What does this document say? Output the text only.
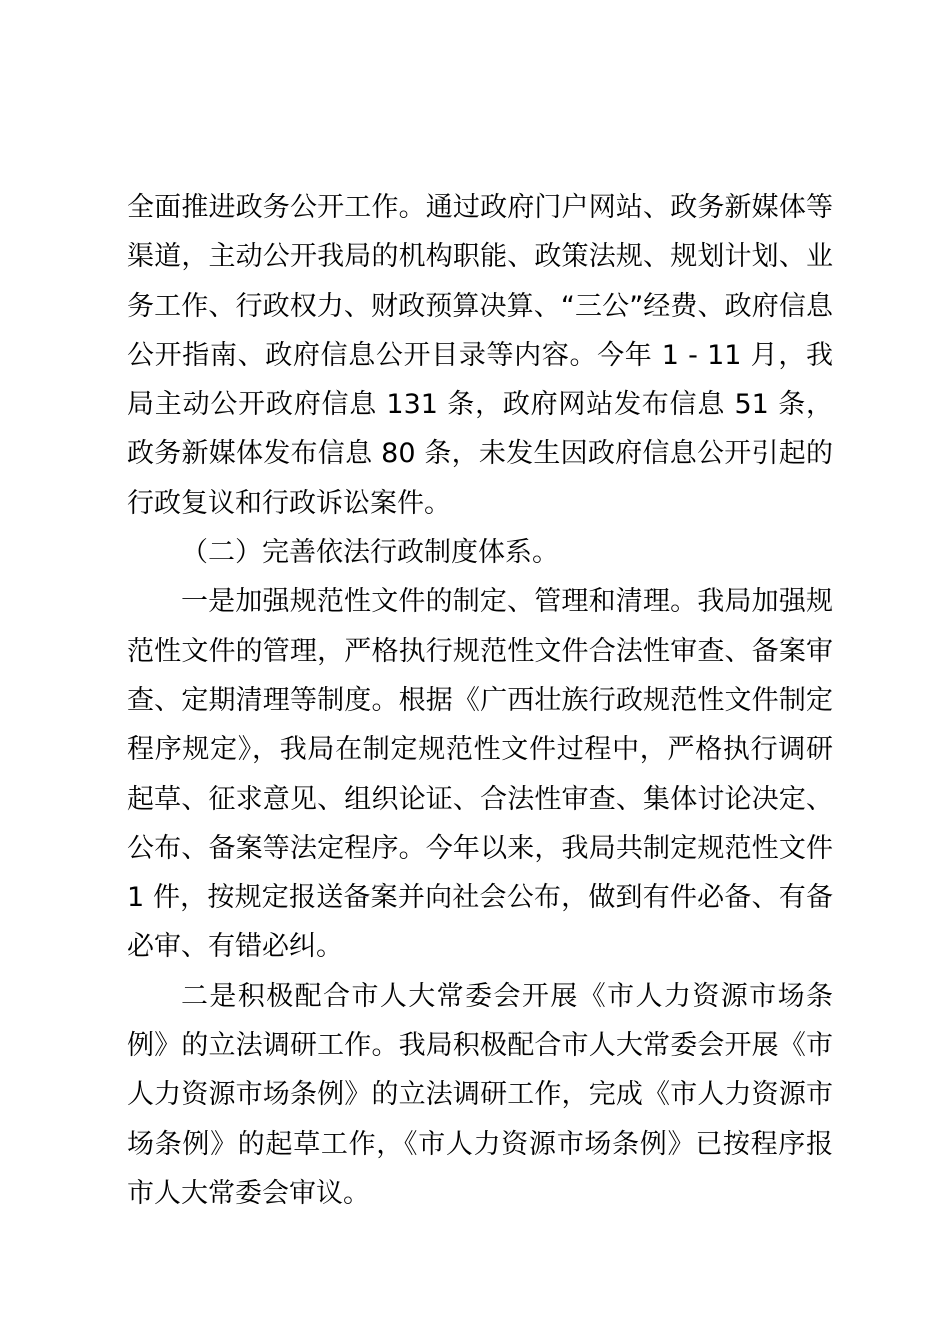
全面推进政务公开工作。通过政府门户网站、政务新媒体等渠道，主动公开我局的机构职能、政策法规、规划计划、业务工作、行政权力、财政预算决算、“三公”经费、政府信息公开指南、政府信息公开目录等内容。今年 1 - 11 月，我局主动公开政府信息 131 条，政府网站发布信息 51 条，政务新媒体发布信息 80 条，未发生因政府信息公开引起的行政复议和行政诉讼案件。

（二）完善依法行政制度体系。

一是加强规范性文件的制定、管理和清理。我局加强规范性文件的管理，严格执行规范性文件合法性审查、备案审查、定期清理等制度。根据《广西壮族行政规范性文件制定程序规定》，我局在制定规范性文件过程中，严格执行调研起草、征求意见、组织论证、合法性审查、集体讨论决定、公布、备案等法定程序。今年以来，我局共制定规范性文件 1 件，按规定报送备案并向社会公布，做到有件必备、有备必审、有错必纠。

二是积极配合市人大常委会开展《市人力资源市场条例》的立法调研工作。我局积极配合市人大常委会开展《市人力资源市场条例》的立法调研工作，完成《市人力资源市场条例》的起草工作，《市人力资源市场条例》已按程序报市人大常委会审议。
